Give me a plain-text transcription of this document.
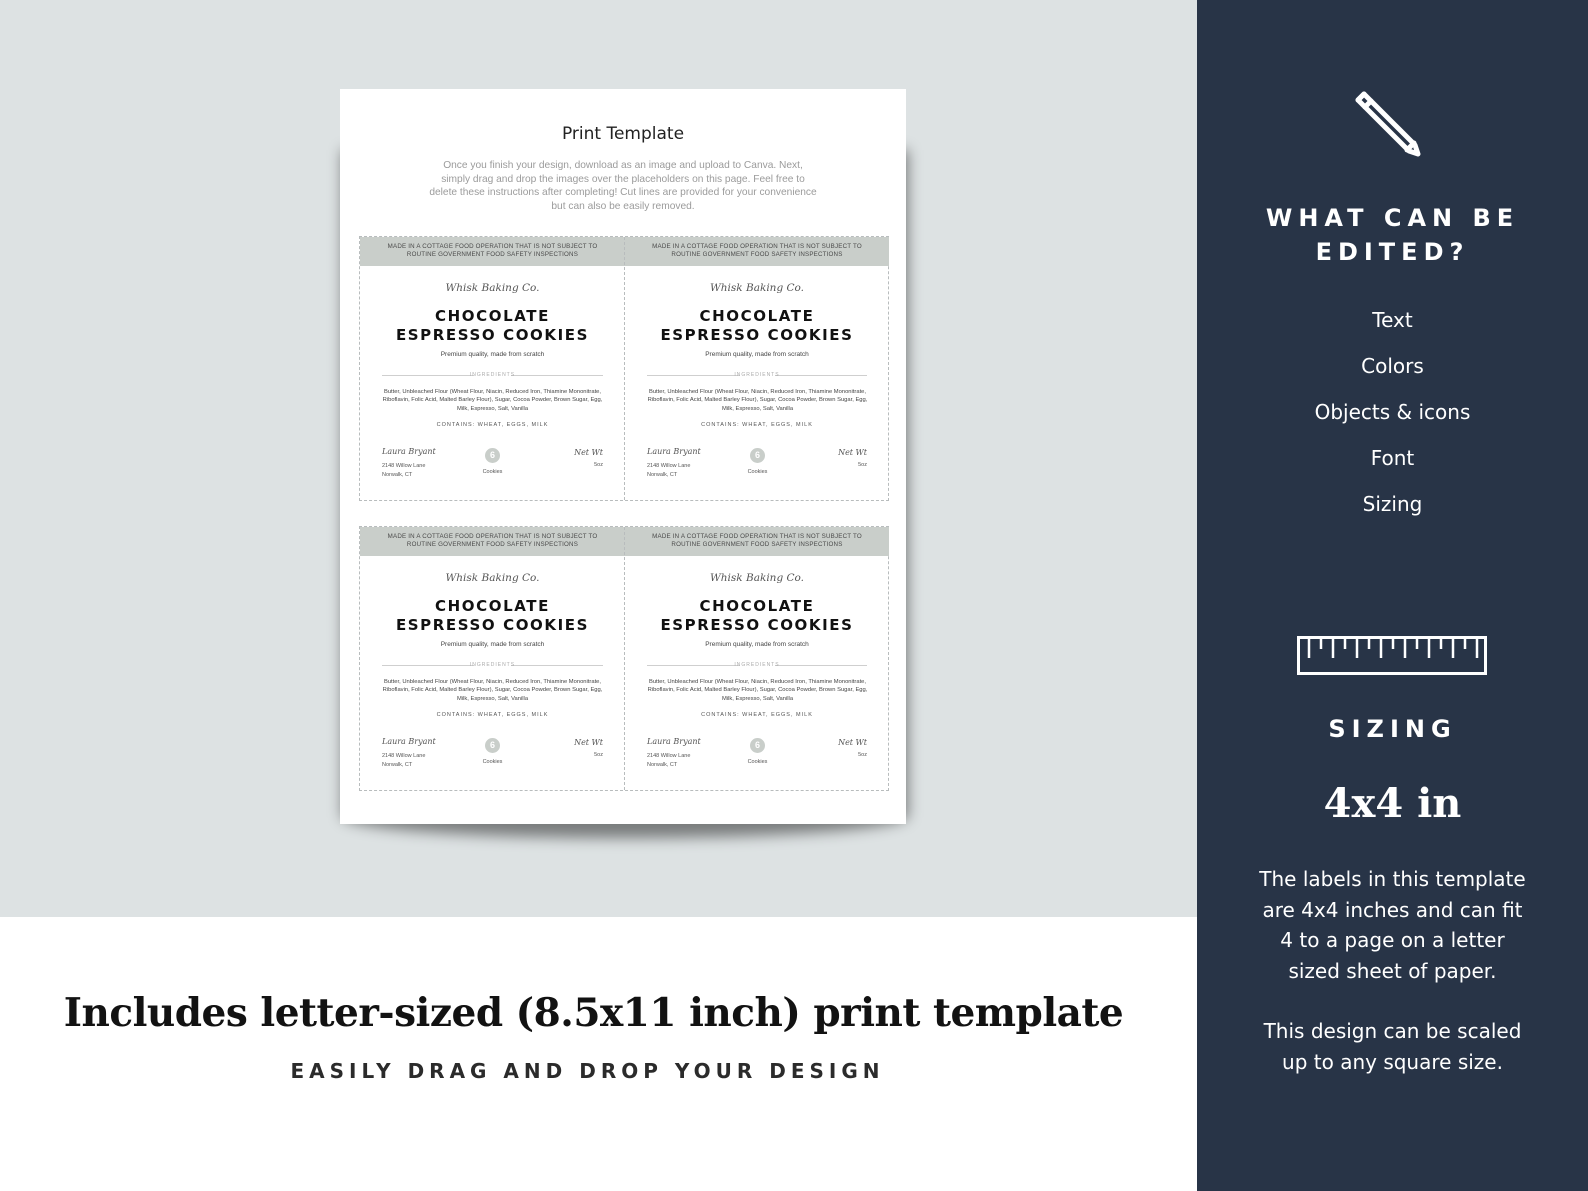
Print Template
Once you finish your design, download as an image and upload to Canva. Next, simply drag and drop the images over the placeholders on this page. Feel free to delete these instructions after completing! Cut lines are provided for your convenience but can also be easily removed.
MADE IN A COTTAGE FOOD OPERATION THAT IS NOT SUBJECT TO
ROUTINE GOVERNMENT FOOD SAFETY INSPECTIONS
Whisk Baking Co.
CHOCOLATE
ESPRESSO COOKIES
Premium quality, made from scratch
INGREDIENTS
Butter, Unbleached Flour (Wheat Flour, Niacin, Reduced Iron, Thiamine Mononitrate, Riboflavin, Folic Acid, Malted Barley Flour), Sugar, Cocoa Powder, Brown Sugar, Egg, Milk, Espresso, Salt, Vanilla
CONTAINS: WHEAT, EGGS, MILK
Laura Bryant
2148 Willow Lane
Norwalk, CT
6
Cookies
Net Wt
5oz
MADE IN A COTTAGE FOOD OPERATION THAT IS NOT SUBJECT TO
ROUTINE GOVERNMENT FOOD SAFETY INSPECTIONS
Whisk Baking Co.
CHOCOLATE
ESPRESSO COOKIES
Premium quality, made from scratch
INGREDIENTS
Butter, Unbleached Flour (Wheat Flour, Niacin, Reduced Iron, Thiamine Mononitrate, Riboflavin, Folic Acid, Malted Barley Flour), Sugar, Cocoa Powder, Brown Sugar, Egg, Milk, Espresso, Salt, Vanilla
CONTAINS: WHEAT, EGGS, MILK
Laura Bryant
2148 Willow Lane
Norwalk, CT
6
Cookies
Net Wt
5oz
MADE IN A COTTAGE FOOD OPERATION THAT IS NOT SUBJECT TO
ROUTINE GOVERNMENT FOOD SAFETY INSPECTIONS
Whisk Baking Co.
CHOCOLATE
ESPRESSO COOKIES
Premium quality, made from scratch
INGREDIENTS
Butter, Unbleached Flour (Wheat Flour, Niacin, Reduced Iron, Thiamine Mononitrate, Riboflavin, Folic Acid, Malted Barley Flour), Sugar, Cocoa Powder, Brown Sugar, Egg, Milk, Espresso, Salt, Vanilla
CONTAINS: WHEAT, EGGS, MILK
Laura Bryant
2148 Willow Lane
Norwalk, CT
6
Cookies
Net Wt
5oz
MADE IN A COTTAGE FOOD OPERATION THAT IS NOT SUBJECT TO
ROUTINE GOVERNMENT FOOD SAFETY INSPECTIONS
Whisk Baking Co.
CHOCOLATE
ESPRESSO COOKIES
Premium quality, made from scratch
INGREDIENTS
Butter, Unbleached Flour (Wheat Flour, Niacin, Reduced Iron, Thiamine Mononitrate, Riboflavin, Folic Acid, Malted Barley Flour), Sugar, Cocoa Powder, Brown Sugar, Egg, Milk, Espresso, Salt, Vanilla
CONTAINS: WHEAT, EGGS, MILK
Laura Bryant
2148 Willow Lane
Norwalk, CT
6
Cookies
Net Wt
5oz
Includes letter-sized (8.5x11 inch) print template
EASILY DRAG AND DROP YOUR DESIGN
WHAT CAN BE
EDITED?
Text
Colors
Objects & icons
Font
Sizing
SIZING
4x4 in
The labels in this template
are 4x4 inches and can fit
4 to a page on a letter
sized sheet of paper.
This design can be scaled
up to any square size.
